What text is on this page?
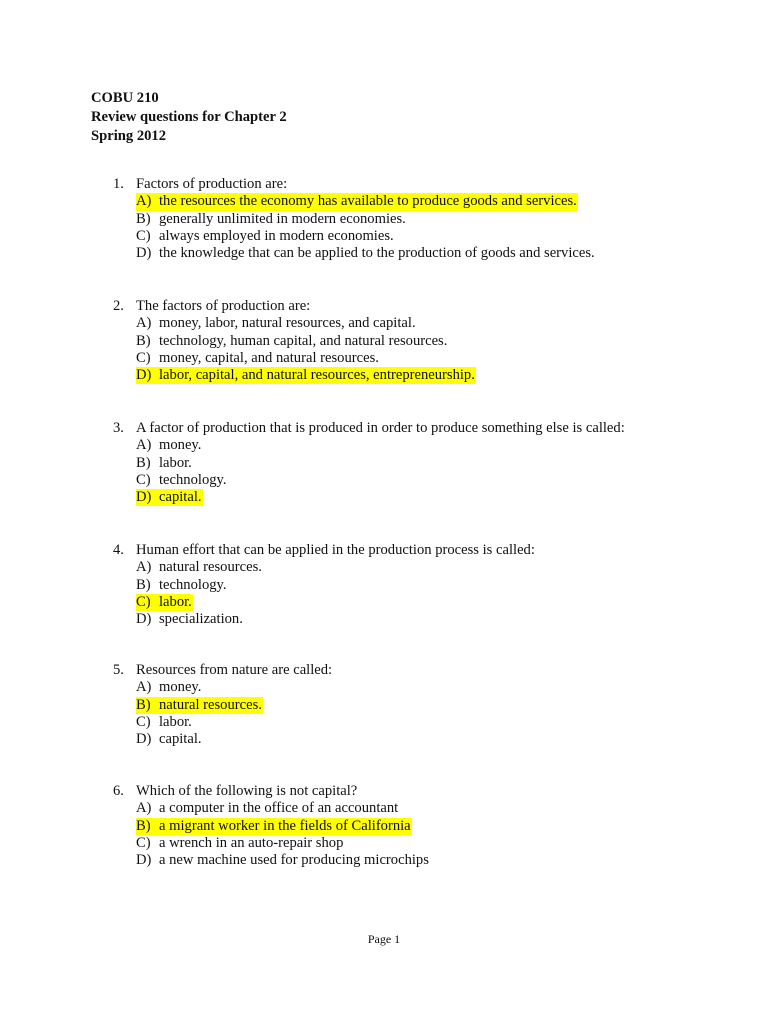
COBU 210
Review questions for Chapter 2
Spring 2012
1. Factors of production are:
A) the resources the economy has available to produce goods and services.
B) generally unlimited in modern economies.
C) always employed in modern economies.
D) the knowledge that can be applied to the production of goods and services.
2. The factors of production are:
A) money, labor, natural resources, and capital.
B) technology, human capital, and natural resources.
C) money, capital, and natural resources.
D) labor, capital, and natural resources, entrepreneurship.
3. A factor of production that is produced in order to produce something else is called:
A) money.
B) labor.
C) technology.
D) capital.
4. Human effort that can be applied in the production process is called:
A) natural resources.
B) technology.
C) labor.
D) specialization.
5. Resources from nature are called:
A) money.
B) natural resources.
C) labor.
D) capital.
6. Which of the following is not capital?
A) a computer in the office of an accountant
B) a migrant worker in the fields of California
C) a wrench in an auto-repair shop
D) a new machine used for producing microchips
Page 1
